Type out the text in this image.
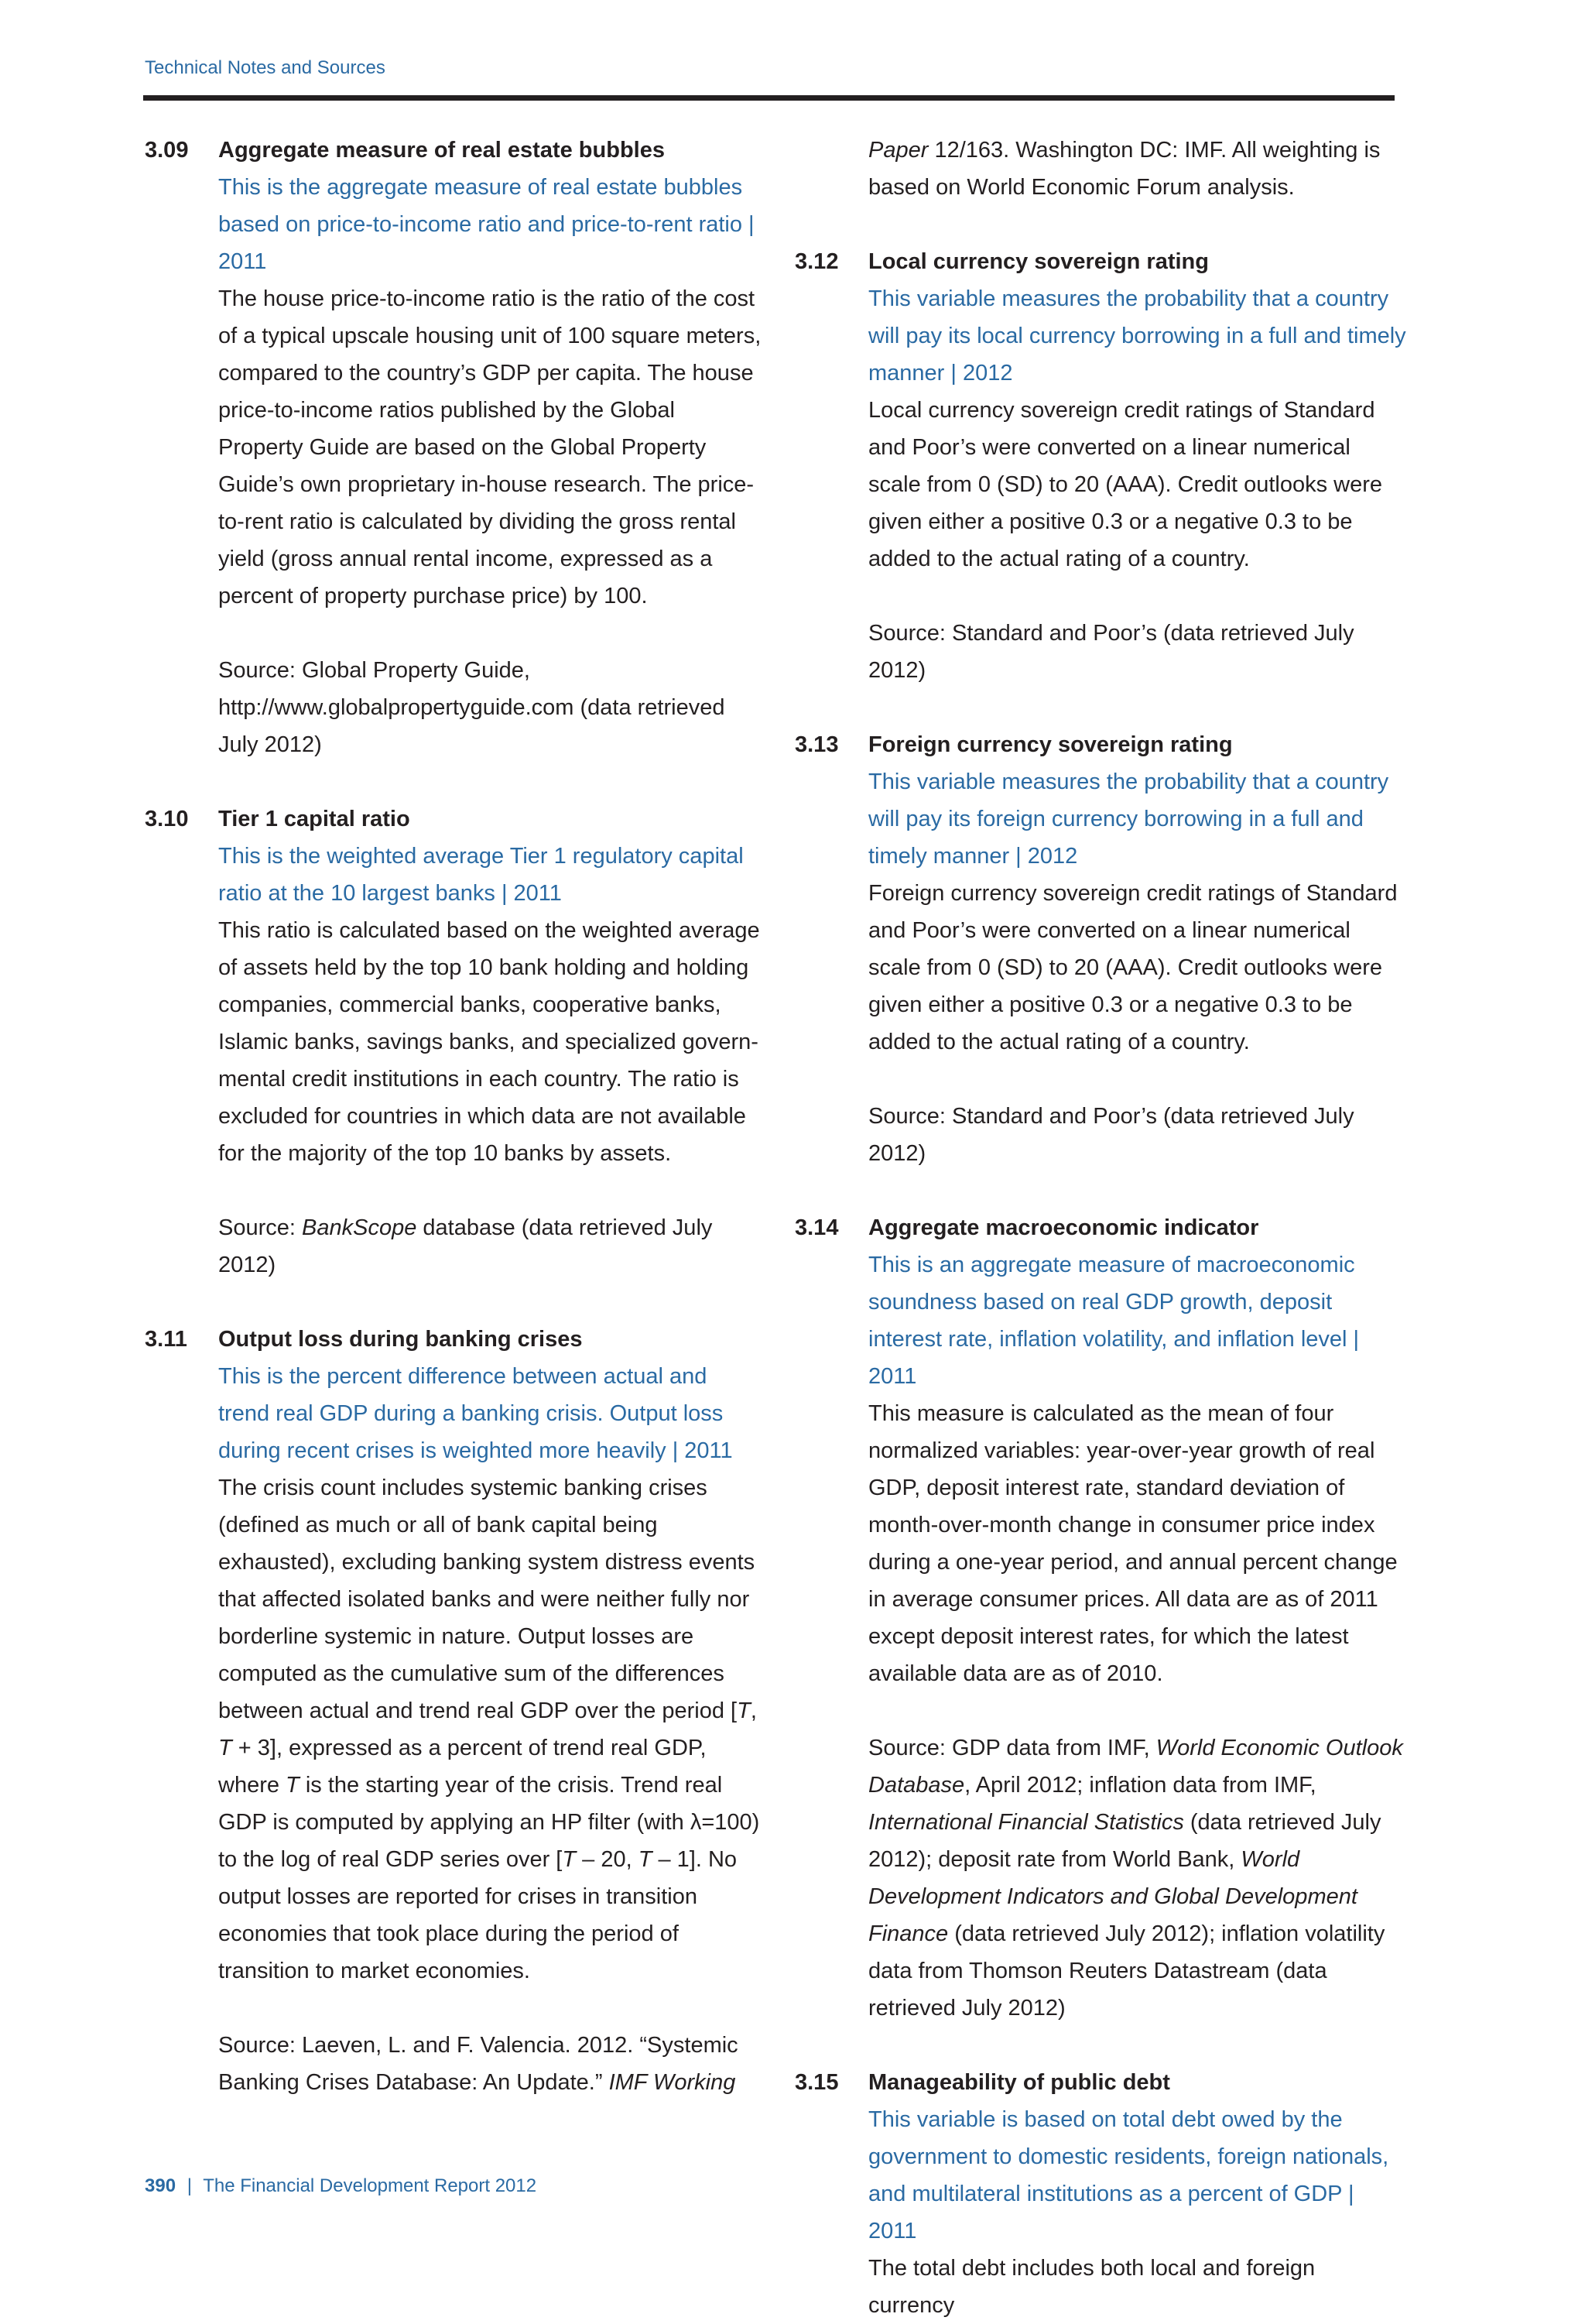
Technical Notes and Sources
3.09	Aggregate measure of real estate bubbles

This is the aggregate measure of real estate bubbles based on price-to-income ratio and price-to-rent ratio | 2011

The house price-to-income ratio is the ratio of the cost of a typical upscale housing unit of 100 square meters, compared to the country’s GDP per capita. The house price-to-income ratios published by the Global Property Guide are based on the Global Property Guide’s own proprietary in-house research. The price-to-rent ratio is calculated by dividing the gross rental yield (gross annual rental income, expressed as a percent of property purchase price) by 100.

Source: Global Property Guide, http://www.globalpropertyguide.com (data retrieved July 2012)

3.10	Tier 1 capital ratio

This is the weighted average Tier 1 regulatory capital ratio at the 10 largest banks | 2011

This ratio is calculated based on the weighted average of assets held by the top 10 bank holding and holding companies, commercial banks, cooperative banks, Islamic banks, savings banks, and specialized govern-mental credit institutions in each country. The ratio is excluded for countries in which data are not available for the majority of the top 10 banks by assets.

Source: BankScope database (data retrieved July 2012)

3.11	Output loss during banking crises

This is the percent difference between actual and trend real GDP during a banking crisis. Output loss during recent crises is weighted more heavily | 2011

The crisis count includes systemic banking crises (defined as much or all of bank capital being exhausted), excluding banking system distress events that affected isolated banks and were neither fully nor borderline systemic in nature. Output losses are computed as the cumulative sum of the differences between actual and trend real GDP over the period [T, T + 3], expressed as a percent of trend real GDP, where T is the starting year of the crisis. Trend real GDP is computed by applying an HP filter (with λ=100) to the log of real GDP series over [T – 20, T – 1]. No output losses are reported for crises in transition economies that took place during the period of transition to market economies.

Source: Laeven, L. and F. Valencia. 2012. “Systemic Banking Crises Database: An Update.” IMF Working

Paper 12/163. Washington DC: IMF. All weighting is based on World Economic Forum analysis.

3.12	Local currency sovereign rating

This variable measures the probability that a country will pay its local currency borrowing in a full and timely manner | 2012

Local currency sovereign credit ratings of Standard and Poor’s were converted on a linear numerical scale from 0 (SD) to 20 (AAA). Credit outlooks were given either a positive 0.3 or a negative 0.3 to be added to the actual rating of a country.

Source: Standard and Poor’s (data retrieved July 2012)

3.13	Foreign currency sovereign rating

This variable measures the probability that a country will pay its foreign currency borrowing in a full and timely manner | 2012

Foreign currency sovereign credit ratings of Standard and Poor’s were converted on a linear numerical scale from 0 (SD) to 20 (AAA). Credit outlooks were given either a positive 0.3 or a negative 0.3 to be added to the actual rating of a country.

Source: Standard and Poor’s (data retrieved July 2012)

3.14	Aggregate macroeconomic indicator

This is an aggregate measure of macroeconomic soundness based on real GDP growth, deposit interest rate, inflation volatility, and inflation level | 2011

This measure is calculated as the mean of four normalized variables: year-over-year growth of real GDP, deposit interest rate, standard deviation of month-over-month change in consumer price index during a one-year period, and annual percent change in average consumer prices. All data are as of 2011 except deposit interest rates, for which the latest available data are as of 2010.

Source: GDP data from IMF, World Economic Outlook Database, April 2012; inflation data from IMF, International Financial Statistics (data retrieved July 2012); deposit rate from World Bank, World Development Indicators and Global Development Finance (data retrieved July 2012); inflation volatility data from Thomson Reuters Datastream (data retrieved July 2012)

3.15	Manageability of public debt

This variable is based on total debt owed by the government to domestic residents, foreign nationals, and multilateral institutions as a percent of GDP | 2011

The total debt includes both local and foreign currency

390 | The Financial Development Report 2012
